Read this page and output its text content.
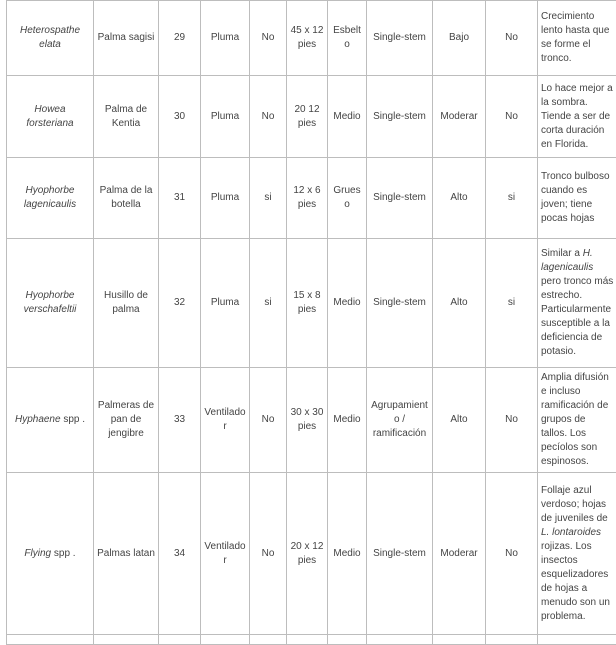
Heterospathe elata	Palma sagisi	29	Pluma	No	45 x 12 pies	Esbelto	Single-stem	Bajo	No	Crecimiento lento hasta que se forme el tronco.
Howea forsteriana	Palma de Kentia	30	Pluma	No	20 12 pies	Medio	Single-stem	Moderar	No	Lo hace mejor a la sombra. Tiende a ser de corta duración en Florida.
Hyophorbe lagenicaulis	Palma de la botella	31	Pluma	si	12 x 6 pies	Grueso	Single-stem	Alto	si	Tronco bulboso cuando es joven; tiene pocas hojas
Hyophorbe verschafeltii	Husillo de palma	32	Pluma	si	15 x 8 pies	Medio	Single-stem	Alto	si	Similar a H. lagenicaulis pero tronco más estrecho. Particularmente susceptible a la deficiencia de potasio.
Hyphaene spp .	Palmeras de pan de jengibre	33	Ventilador	No	30 x 30 pies	Medio	Agrupamiento / ramificación	Alto	No	Amplia difusión e incluso ramificación de grupos de tallos. Los pecíolos son espinosos.
Flying spp .	Palmas latan	34	Ventilador	No	20 x 12 pies	Medio	Single-stem	Moderar	No	Follaje azul verdoso; hojas de juveniles de L. lontaroides rojizas. Los insectos esquelizadores de hojas a menudo son un problema.
